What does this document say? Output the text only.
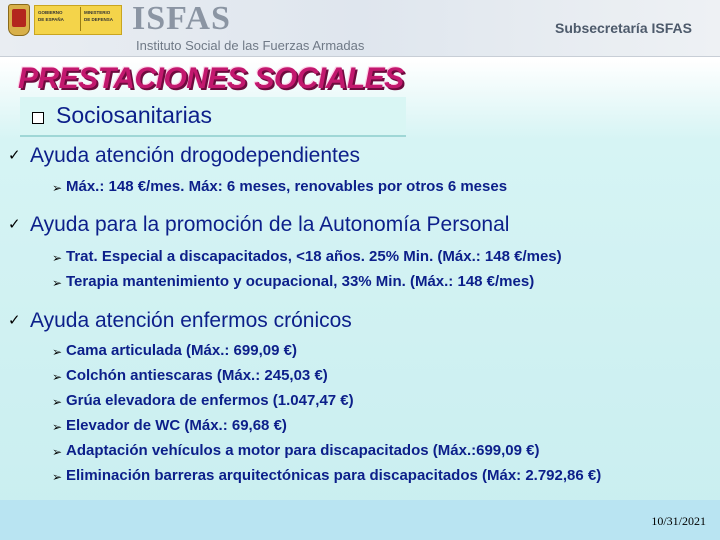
GOBIERNO
DE ESPAÑA
MINISTERIO
DE DEFENSA ISFAS
Instituto Social de las Fuerzas Armadas
Subsecretaría ISFAS
PRESTACIONES SOCIALES
Sociosanitarias
✓ Ayuda atención drogodependientes
➢ Máx.: 148 €/mes. Máx: 6 meses, renovables por otros 6 meses
✓ Ayuda para la promoción de la Autonomía Personal
➢ Trat. Especial a discapacitados, <18 años. 25% Min. (Máx.: 148 €/mes)
➢ Terapia mantenimiento y ocupacional, 33% Min. (Máx.: 148 €/mes)
✓ Ayuda atención enfermos crónicos
➢ Cama articulada (Máx.: 699,09 €)
➢ Colchón antiescaras (Máx.: 245,03 €)
➢ Grúa elevadora de enfermos (1.047,47 €)
➢ Elevador de WC (Máx.: 69,68 €)
➢ Adaptación vehículos a motor para discapacitados (Máx.:699,09 €)
➢ Eliminación barreras arquitectónicas para discapacitados (Máx: 2.792,86 €)
10/31/2021
